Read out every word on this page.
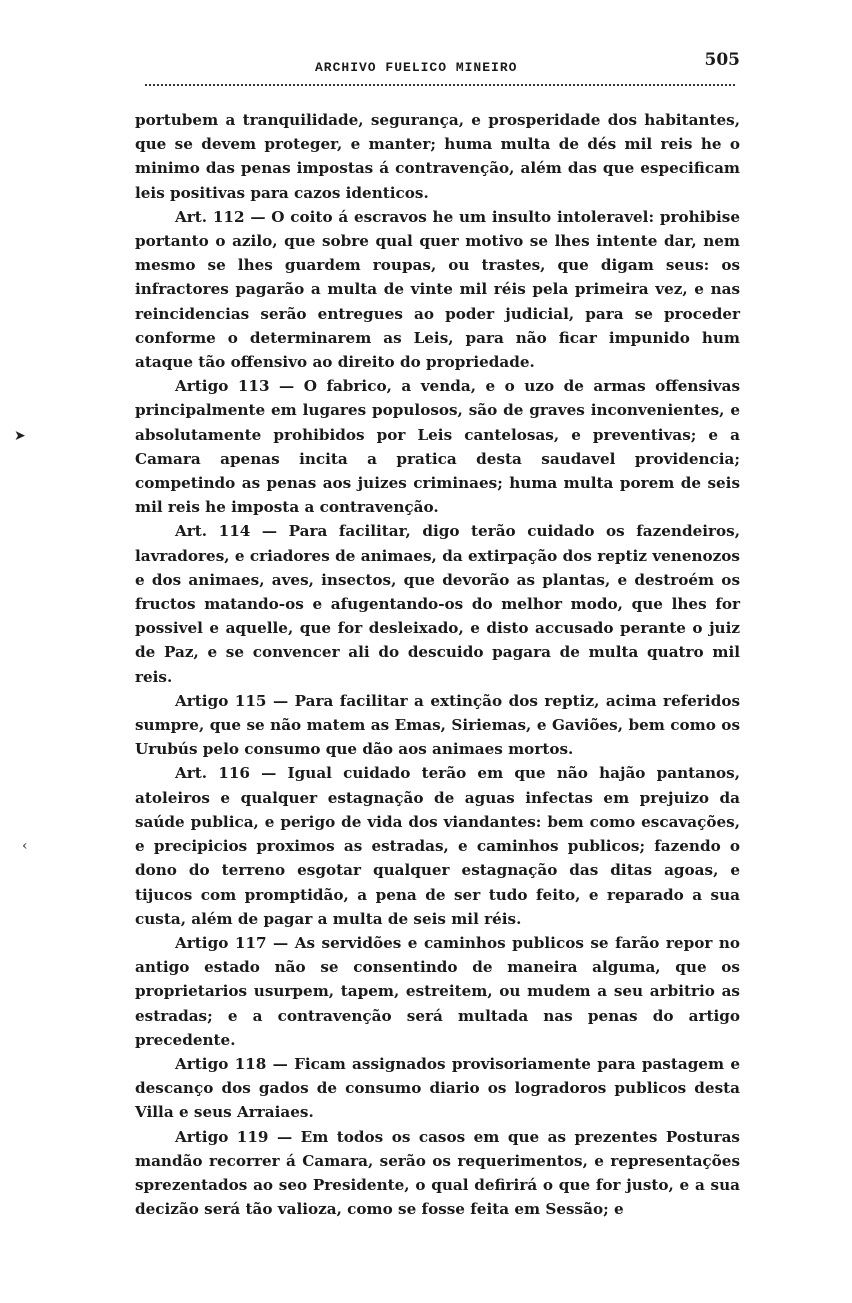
ARCHIVO FUELICO MINEIRO	505

portubem a tranquilidade, segurança, e prosperidade dos habitantes, que se devem proteger, e manter; huma multa de dés mil reis he o minimo das penas impostas á contravenção, além das que especificam leis positivas para cazos identicos.

Art. 112 — O coito á escravos he um insulto intoleravel: prohibise portanto o azilo, que sobre qual quer motivo se lhes intente dar, nem mesmo se lhes guardem roupas, ou trastes, que digam seus: os infractores pagarão a multa de vinte mil réis pela primeira vez, e nas reincidencias serão entregues ao poder judicial, para se proceder conforme o determinarem as Leis, para não ficar impunido hum ataque tão offensivo ao direito do propriedade.

Artigo 113 — O fabrico, a venda, e o uzo de armas offensivas principalmente em lugares populosos, são de graves inconvenientes, e absolutamente prohibidos por Leis cantelosas, e preventivas; e a Camara apenas incita a pratica desta saudavel providencia; competindo as penas aos juizes criminaes; huma multa porem de seis mil reis he imposta a contravenção.

Art. 114 — Para facilitar, digo terão cuidado os fazendeiros, lavradores, e criadores de animaes, da extirpação dos reptiz venenozos e dos animaes, aves, insectos, que devorão as plantas, e destroém os fructos matando-os e afugentando-os do melhor modo, que lhes for possivel e aquelle, que for desleixado, e disto accusado perante o juiz de Paz, e se convencer ali do descuido pagara de multa quatro mil reis.

Artigo 115 — Para facilitar a extinção dos reptiz, acima referidos sumpre, que se não matem as Emas, Siriemas, e Gaviões, bem como os Urubús pelo consumo que dão aos animaes mortos.

Art. 116 — Igual cuidado terão em que não hajão pantanos, atoleiros e qualquer estagnação de aguas infectas em prejuizo da saúde publica, e perigo de vida dos viandantes: bem como escavações, e precipicios proximos as estradas, e caminhos publicos; fazendo o dono do terreno esgotar qualquer estagnação das ditas agoas, e tijucos com promptidão, a pena de ser tudo feito, e reparado a sua custa, além de pagar a multa de seis mil réis.

Artigo 117 — As servidões e caminhos publicos se farão repor no antigo estado não se consentindo de maneira alguma, que os proprietarios usurpem, tapem, estreitem, ou mudem a seu arbitrio as estradas; e a contravenção será multada nas penas do artigo precedente.

Artigo 118 — Ficam assignados provisoriamente para pastagem e descanço dos gados de consumo diario os logradoros publicos desta Villa e seus Arraiaes.

Artigo 119 — Em todos os casos em que as prezentes Posturas mandão recorrer á Camara, serão os requerimentos, e representações sprezentados ao seo Presidente, o qual defirirá o que for justo, e a sua decizão será tão valioza, como se fosse feita em Sessão; e

➤
‹
